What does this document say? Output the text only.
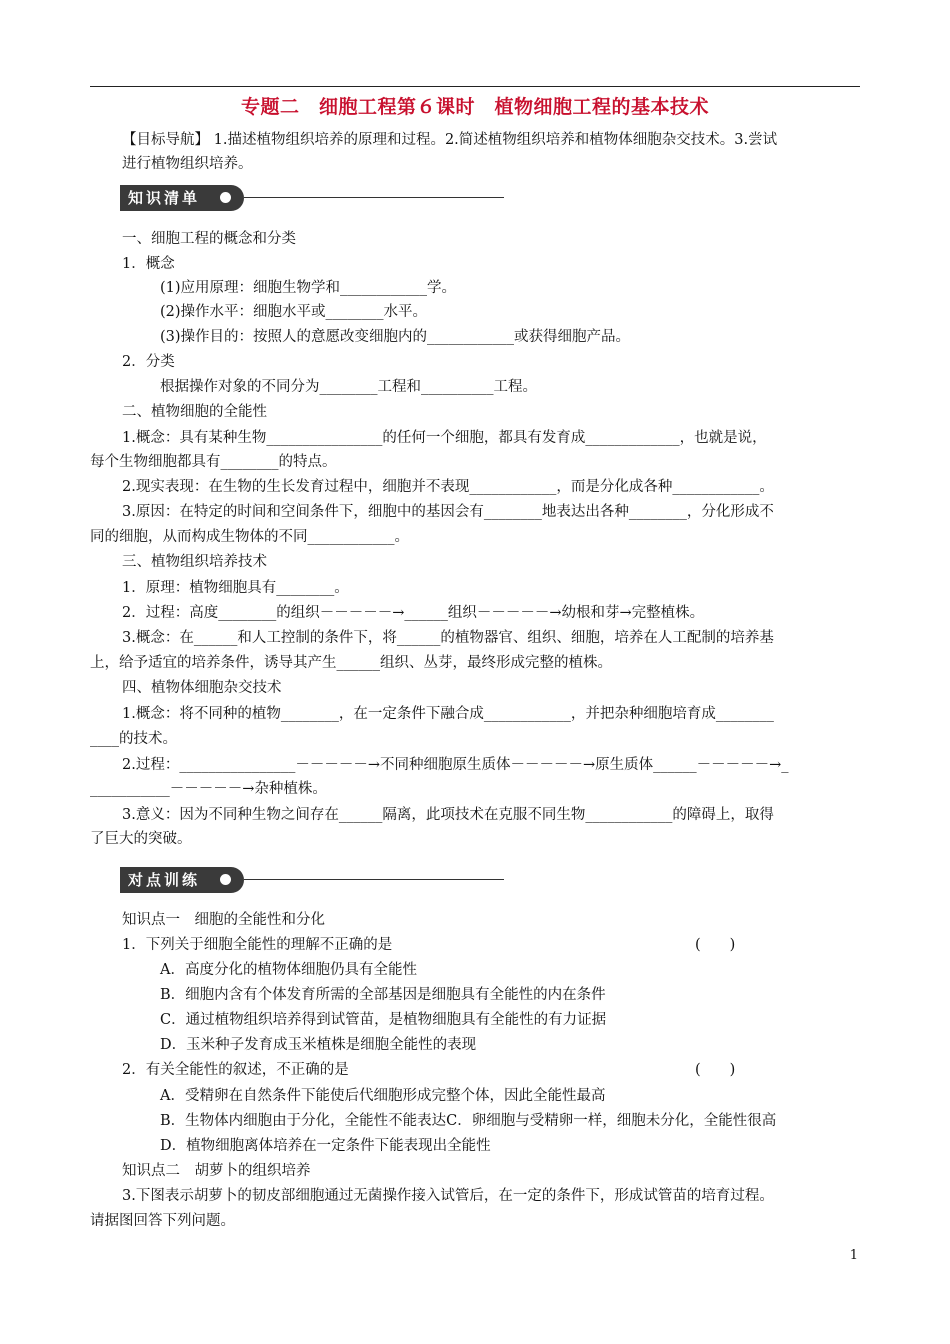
专题二　细胞工程第６课时　植物细胞工程的基本技术
【目标导航】 1.描述植物组织培养的原理和过程。2.简述植物组织培养和植物体细胞杂交技术。3.尝试
进行植物组织培养。
知识清单
一、细胞工程的概念和分类
1．概念
(1)应用原理：细胞生物学和____________学。
(2)操作水平：细胞水平或________水平。
(3)操作目的：按照人的意愿改变细胞内的____________或获得细胞产品。
2．分类
根据操作对象的不同分为________工程和__________工程。
二、植物细胞的全能性
1.概念：具有某种生物________________的任何一个细胞，都具有发育成_____________，也就是说，
每个生物细胞都具有________的特点。
2.现实表现：在生物的生长发育过程中，细胞并不表现____________，而是分化成各种____________。
3.原因：在特定的时间和空间条件下，细胞中的基因会有________地表达出各种________，分化形成不
同的细胞，从而构成生物体的不同____________。
三、植物组织培养技术
1．原理：植物细胞具有________。
2．过程：高度________的组织－－－－－→______组织－－－－－→幼根和芽→完整植株。
3.概念：在______和人工控制的条件下，将______的植物器官、组织、细胞，培养在人工配制的培养基
上，给予适宜的培养条件，诱导其产生______组织、丛芽，最终形成完整的植株。
四、植物体细胞杂交技术
1.概念：将不同种的植物________，在一定条件下融合成____________，并把杂种细胞培育成________
____的技术。
2.过程：________________－－－－－→不同种细胞原生质体－－－－－→原生质体______－－－－－→_
___________－－－－－→杂种植株。
3.意义：因为不同种生物之间存在______隔离，此项技术在克服不同生物____________的障碍上，取得
了巨大的突破。
对点训练
知识点一　细胞的全能性和分化
1．下列关于细胞全能性的理解不正确的是	(　　)
A．高度分化的植物体细胞仍具有全能性
B．细胞内含有个体发育所需的全部基因是细胞具有全能性的内在条件
C．通过植物组织培养得到试管苗，是植物细胞具有全能性的有力证据
D．玉米种子发育成玉米植株是细胞全能性的表现
2．有关全能性的叙述，不正确的是	(　　)
A．受精卵在自然条件下能使后代细胞形成完整个体，因此全能性最高
B．生物体内细胞由于分化，全能性不能表达C．卵细胞与受精卵一样，细胞未分化，全能性很高
D．植物细胞离体培养在一定条件下能表现出全能性
知识点二　胡萝卜的组织培养
3.下图表示胡萝卜的韧皮部细胞通过无菌操作接入试管后，在一定的条件下，形成试管苗的培育过程。
请据图回答下列问题。
1
